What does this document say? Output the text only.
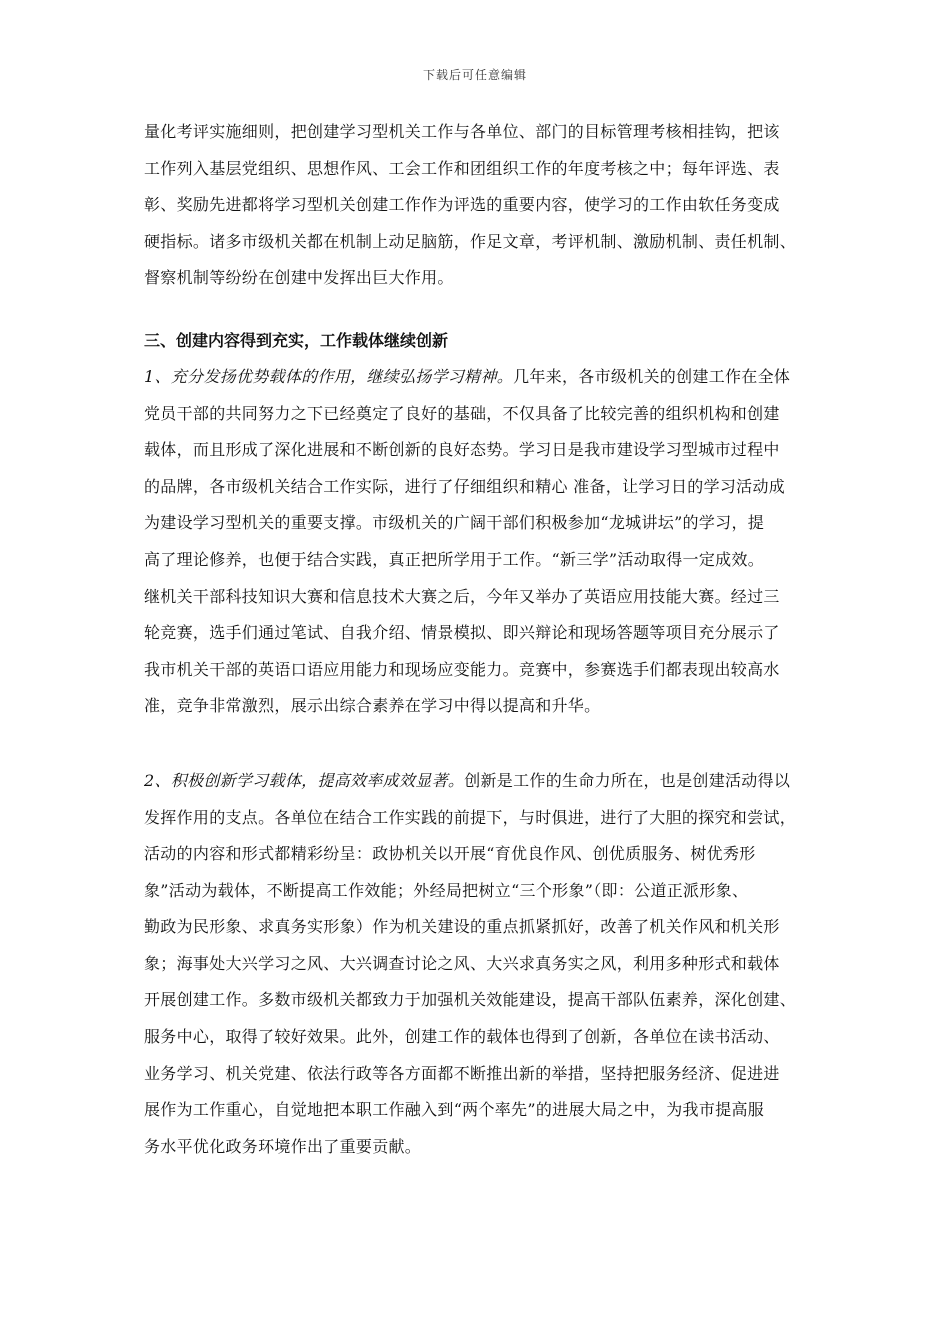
下载后可任意编辑
量化考评实施细则，把创建学习型机关工作与各单位、部门的目标管理考核相挂钩，把该
工作列入基层党组织、思想作风、工会工作和团组织工作的年度考核之中；每年评选、表
彰、奖励先进都将学习型机关创建工作作为评选的重要内容，使学习的工作由软任务变成
硬指标。诸多市级机关都在机制上动足脑筋，作足文章，考评机制、激励机制、责任机制、
督察机制等纷纷在创建中发挥出巨大作用。
三、创建内容得到充实，工作载体继续创新
1、充分发扬优势载体的作用，继续弘扬学习精神。几年来，各市级机关的创建工作在全体
党员干部的共同努力之下已经奠定了良好的基础，不仅具备了比较完善的组织机构和创建
载体，而且形成了深化进展和不断创新的良好态势。学习日是我市建设学习型城市过程中
的品牌，各市级机关结合工作实际，进行了仔细组织和精心 准备，让学习日的学习活动成
为建设学习型机关的重要支撑。市级机关的广阔干部们积极参加“龙城讲坛”的学习，提
高了理论修养，也便于结合实践，真正把所学用于工作。“新三学”活动取得一定成效。
继机关干部科技知识大赛和信息技术大赛之后，今年又举办了英语应用技能大赛。经过三
轮竞赛，选手们通过笔试、自我介绍、情景模拟、即兴辩论和现场答题等项目充分展示了
我市机关干部的英语口语应用能力和现场应变能力。竞赛中，参赛选手们都表现出较高水
准，竞争非常激烈，展示出综合素养在学习中得以提高和升华。
2、积极创新学习载体，提高效率成效显著。创新是工作的生命力所在，也是创建活动得以
发挥作用的支点。各单位在结合工作实践的前提下，与时俱进，进行了大胆的探究和尝试，
活动的内容和形式都精彩纷呈：政协机关以开展“育优良作风、创优质服务、树优秀形
象”活动为载体，不断提高工作效能；外经局把树立“三个形象”（即：公道正派形象、
勤政为民形象、求真务实形象）作为机关建设的重点抓紧抓好，改善了机关作风和机关形
象；海事处大兴学习之风、大兴调查讨论之风、大兴求真务实之风，利用多种形式和载体
开展创建工作。多数市级机关都致力于加强机关效能建设，提高干部队伍素养，深化创建、
服务中心，取得了较好效果。此外，创建工作的载体也得到了创新，各单位在读书活动、
业务学习、机关党建、依法行政等各方面都不断推出新的举措，坚持把服务经济、促进进
展作为工作重心，自觉地把本职工作融入到“两个率先”的进展大局之中，为我市提高服
务水平优化政务环境作出了重要贡献。
